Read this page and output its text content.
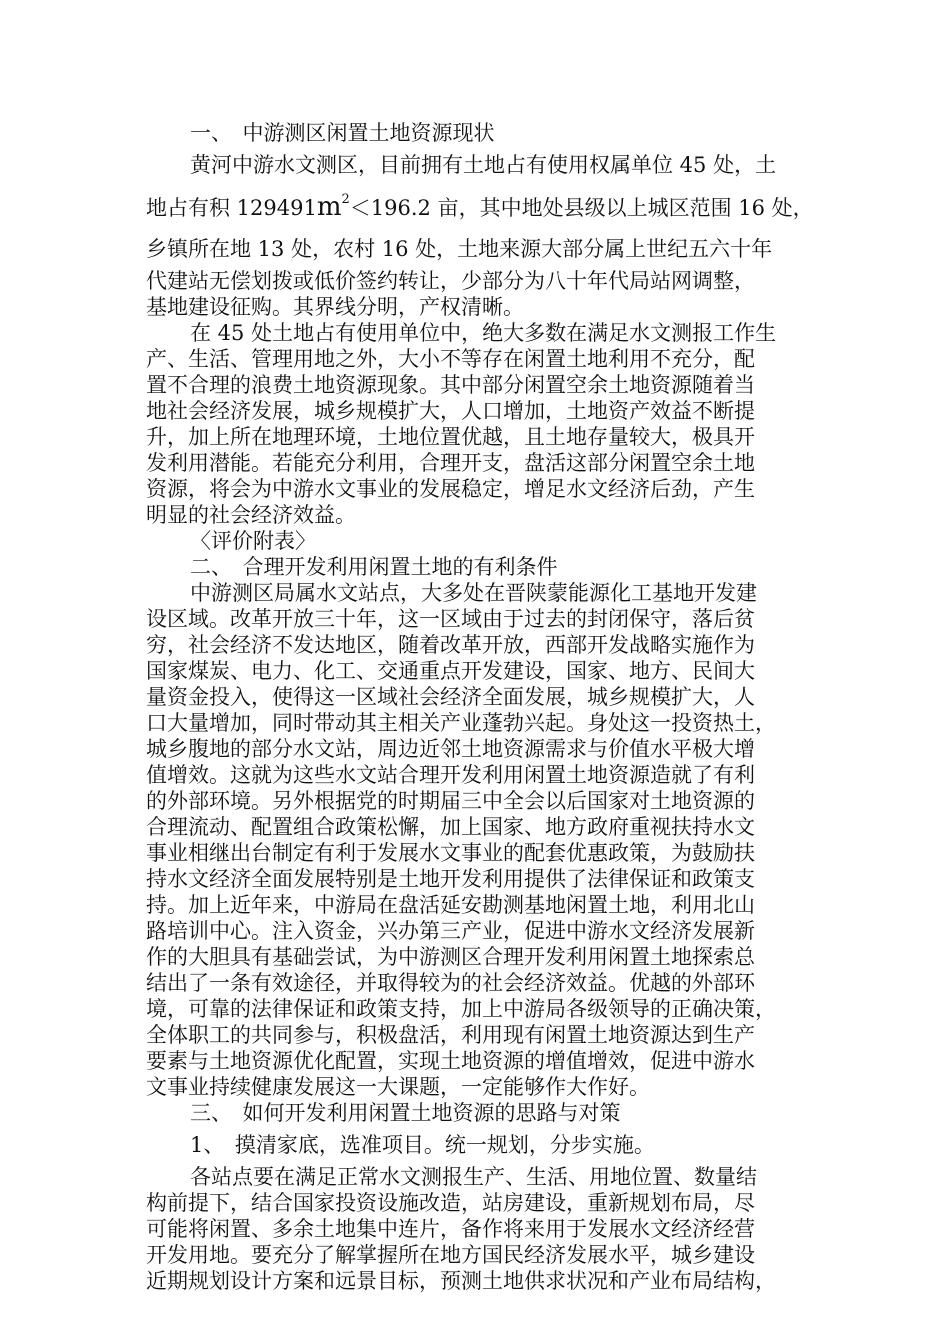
一、　中游测区闲置土地资源现状
黄河中游水文测区，目前拥有土地占有使用权属单位 45 处，土
地占有积 $129491m^2<196.2$ 亩，其中地处县级以上城区范围 16 处，
乡镇所在地 13 处，农村 16 处，土地来源大部分属上世纪五六十年
代建站无偿划拨或低价签约转让，少部分为八十年代局站网调整，
基地建设征购。其界线分明，产权清晰。
在 45 处土地占有使用单位中，绝大多数在满足水文测报工作生
产、生活、管理用地之外，大小不等存在闲置土地利用不充分，配
置不合理的浪费土地资源现象。其中部分闲置空余土地资源随着当
地社会经济发展，城乡规模扩大，人口增加，土地资产效益不断提
升，加上所在地理环境，土地位置优越，且土地存量较大，极具开
发利用潜能。若能充分利用，合理开支，盘活这部分闲置空余土地
资源，将会为中游水文事业的发展稳定，增足水文经济后劲，产生
明显的社会经济效益。
〈评价附表〉
二、　合理开发利用闲置土地的有利条件
中游测区局属水文站点，大多处在晋陕蒙能源化工基地开发建
设区域。改革开放三十年，这一区域由于过去的封闭保守，落后贫
穷，社会经济不发达地区，随着改革开放，西部开发战略实施作为
国家煤炭、电力、化工、交通重点开发建设，国家、地方、民间大
量资金投入，使得这一区域社会经济全面发展，城乡规模扩大，人
口大量增加，同时带动其主相关产业蓬勃兴起。身处这一投资热土，
城乡腹地的部分水文站，周边近邻土地资源需求与价值水平极大增
值增效。这就为这些水文站合理开发利用闲置土地资源造就了有利
的外部环境。另外根据党的时期届三中全会以后国家对土地资源的
合理流动、配置组合政策松懈，加上国家、地方政府重视扶持水文
事业相继出台制定有利于发展水文事业的配套优惠政策，为鼓励扶
持水文经济全面发展特别是土地开发利用提供了法律保证和政策支
持。加上近年来，中游局在盘活延安勘测基地闲置土地，利用北山
路培训中心。注入资金，兴办第三产业，促进中游水文经济发展新
作的大胆具有基础尝试，为中游测区合理开发利用闲置土地探索总
结出了一条有效途径，并取得较为的社会经济效益。优越的外部环
境，可靠的法律保证和政策支持，加上中游局各级领导的正确决策，
全体职工的共同参与，积极盘活，利用现有闲置土地资源达到生产
要素与土地资源优化配置，实现土地资源的增值增效，促进中游水
文事业持续健康发展这一大课题，一定能够作大作好。
三、　如何开发利用闲置土地资源的思路与对策
1、　摸清家底，选准项目。统一规划，分步实施。
各站点要在满足正常水文测报生产、生活、用地位置、数量结
构前提下，结合国家投资设施改造，站房建设，重新规划布局，尽
可能将闲置、多余土地集中连片，备作将来用于发展水文经济经营
开发用地。要充分了解掌握所在地方国民经济发展水平，城乡建设
近期规划设计方案和远景目标，预测土地供求状况和产业布局结构，
